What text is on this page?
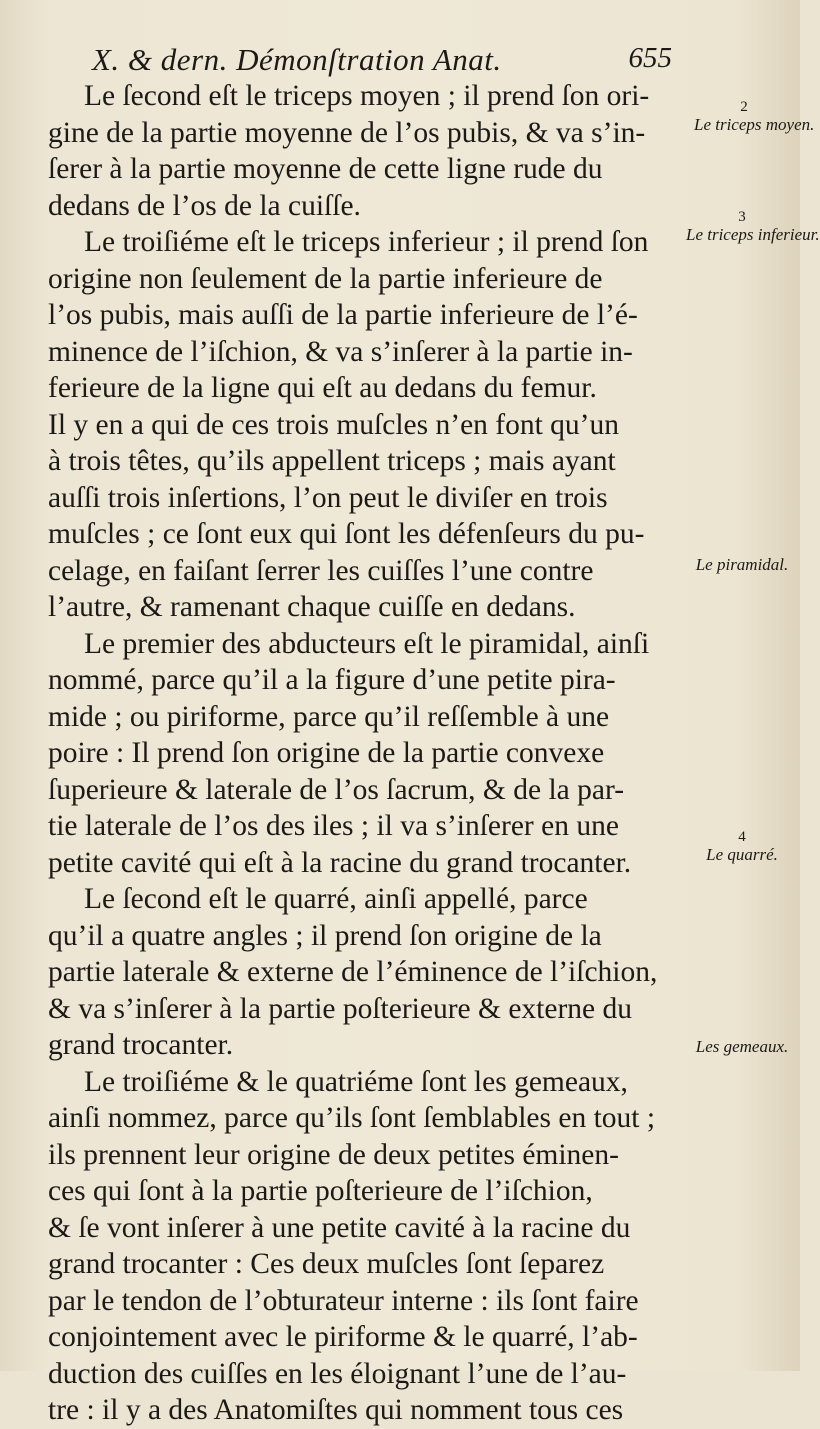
X. & dern. Démonſtration Anat.	655
Le ſecond eſt le triceps moyen ; il prend ſon ori-
gine de la partie moyenne de l’os pubis, & va s’in-
ſerer à la partie moyenne de cette ligne rude du
dedans de l’os de la cuiſſe.
Le troiſiéme eſt le triceps inferieur ; il prend ſon
origine non ſeulement de la partie inferieure de
l’os pubis, mais auſſi de la partie inferieure de l’é-
minence de l’iſchion, & va s’inſerer à la partie in-
ferieure de la ligne qui eſt au dedans du femur.
Il y en a qui de ces trois muſcles n’en font qu’un
à trois têtes, qu’ils appellent triceps ; mais ayant
auſſi trois inſertions, l’on peut le diviſer en trois
muſcles ; ce ſont eux qui ſont les défenſeurs du pu-
celage, en faiſant ſerrer les cuiſſes l’une contre
l’autre, & ramenant chaque cuiſſe en dedans.
Le premier des abducteurs eſt le piramidal, ainſi
nommé, parce qu’il a la figure d’une petite pira-
mide ; ou piriforme, parce qu’il reſſemble à une
poire : Il prend ſon origine de la partie convexe
ſuperieure & laterale de l’os ſacrum, & de la par-
tie laterale de l’os des iles ; il va s’inſerer en une
petite cavité qui eſt à la racine du grand trocanter.
Le ſecond eſt le quarré, ainſi appellé, parce
qu’il a quatre angles ; il prend ſon origine de la
partie laterale & externe de l’éminence de l’iſchion,
& va s’inſerer à la partie poſterieure & externe du
grand trocanter.
Le troiſiéme & le quatriéme ſont les gemeaux,
ainſi nommez, parce qu’ils ſont ſemblables en tout ;
ils prennent leur origine de deux petites éminen-
ces qui ſont à la partie poſterieure de l’iſchion,
& ſe vont inſerer à une petite cavité à la racine du
grand trocanter : Ces deux muſcles ſont ſeparez
par le tendon de l’obturateur interne : ils ſont faire
conjointement avec le piriforme & le quarré, l’ab-
duction des cuiſſes en les éloignant l’une de l’au-
tre : il y a des Anatomiſtes qui nomment tous ces
2
Le triceps moyen.
3
Le triceps inferieur.
Le piramidal.
4
Le quarré.
Les gemeaux.
